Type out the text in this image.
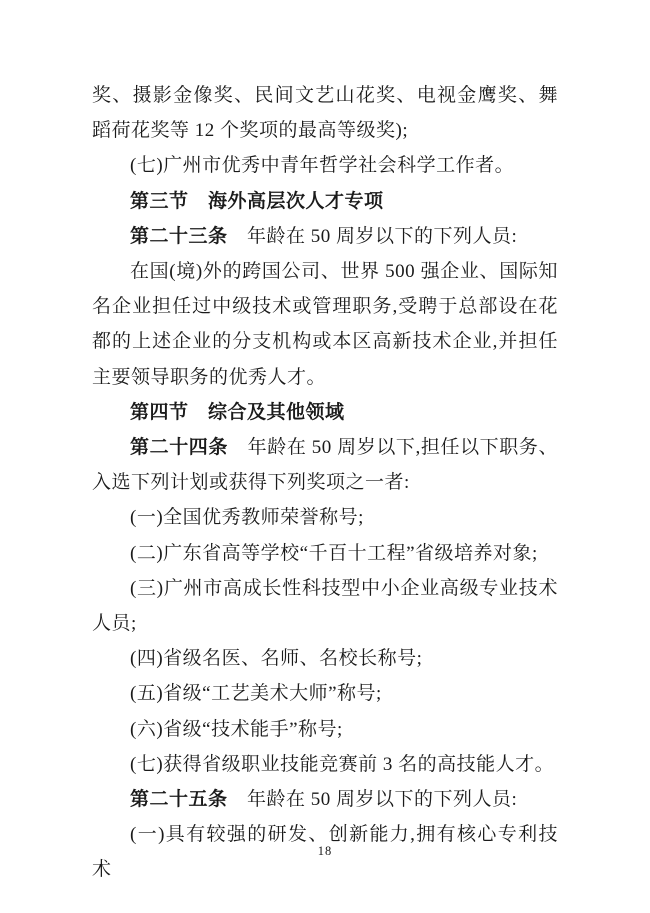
奖、摄影金像奖、民间文艺山花奖、电视金鹰奖、舞蹈荷花奖等 12 个奖项的最高等级奖);

(七)广州市优秀中青年哲学社会科学工作者。

第三节　海外高层次人才专项

第二十三条　年龄在 50 周岁以下的下列人员:

在国(境)外的跨国公司、世界 500 强企业、国际知名企业担任过中级技术或管理职务,受聘于总部设在花都的上述企业的分支机构或本区高新技术企业,并担任主要领导职务的优秀人才。

第四节　综合及其他领域

第二十四条　年龄在 50 周岁以下,担任以下职务、入选下列计划或获得下列奖项之一者:

(一)全国优秀教师荣誉称号;

(二)广东省高等学校“千百十工程”省级培养对象;

(三)广州市高成长性科技型中小企业高级专业技术人员;

(四)省级名医、名师、名校长称号;

(五)省级“工艺美术大师”称号;

(六)省级“技术能手”称号;

(七)获得省级职业技能竞赛前 3 名的高技能人才。

第二十五条　年龄在 50 周岁以下的下列人员:

(一)具有较强的研发、创新能力,拥有核心专利技术

18
